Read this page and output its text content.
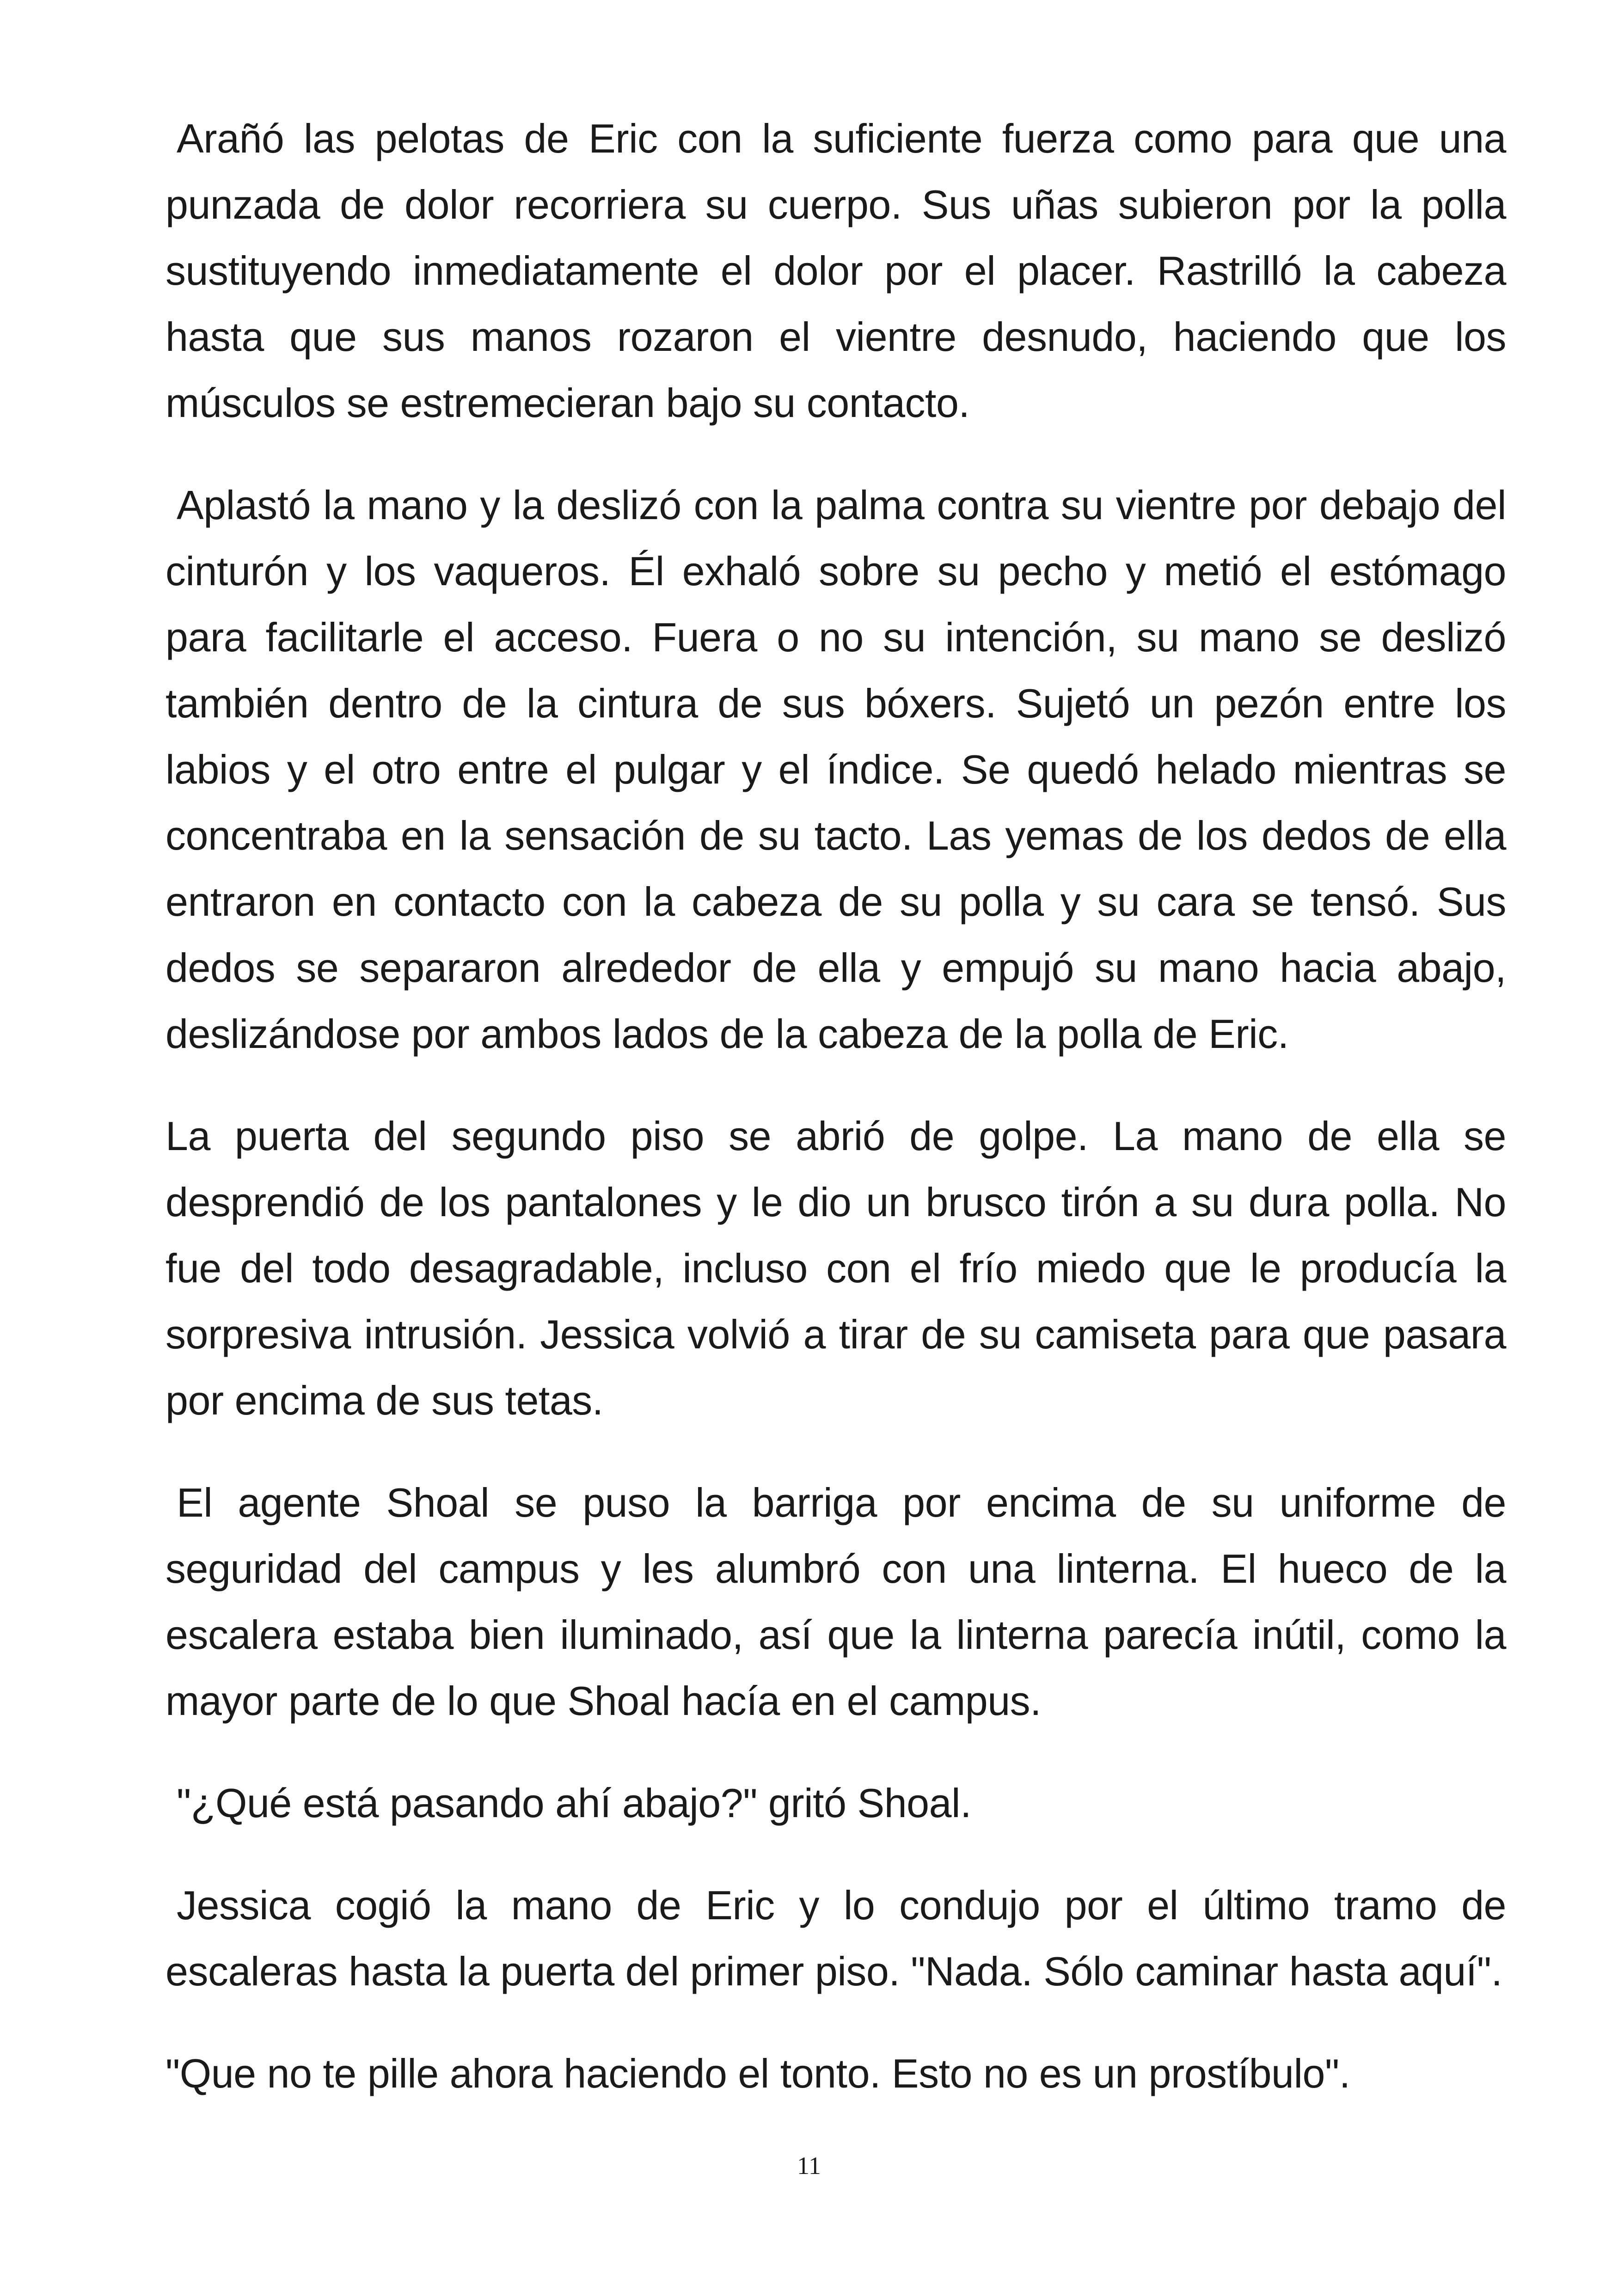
Arañó las pelotas de Eric con la suficiente fuerza como para que una punzada de dolor recorriera su cuerpo. Sus uñas subieron por la polla sustituyendo inmediatamente el dolor por el placer. Rastrilló la cabeza hasta que sus manos rozaron el vientre desnudo, haciendo que los músculos se estremecieran bajo su contacto.

Aplastó la mano y la deslizó con la palma contra su vientre por debajo del cinturón y los vaqueros. Él exhaló sobre su pecho y metió el estómago para facilitarle el acceso. Fuera o no su intención, su mano se deslizó también dentro de la cintura de sus bóxers. Sujetó un pezón entre los labios y el otro entre el pulgar y el índice. Se quedó helado mientras se concentraba en la sensación de su tacto. Las yemas de los dedos de ella entraron en contacto con la cabeza de su polla y su cara se tensó. Sus dedos se separaron alrededor de ella y empujó su mano hacia abajo, deslizándose por ambos lados de la cabeza de la polla de Eric.

La puerta del segundo piso se abrió de golpe. La mano de ella se desprendió de los pantalones y le dio un brusco tirón a su dura polla. No fue del todo desagradable, incluso con el frío miedo que le producía la sorpresiva intrusión. Jessica volvió a tirar de su camiseta para que pasara por encima de sus tetas.

El agente Shoal se puso la barriga por encima de su uniforme de seguridad del campus y les alumbró con una linterna. El hueco de la escalera estaba bien iluminado, así que la linterna parecía inútil, como la mayor parte de lo que Shoal hacía en el campus.

"¿Qué está pasando ahí abajo?" gritó Shoal.

Jessica cogió la mano de Eric y lo condujo por el último tramo de escaleras hasta la puerta del primer piso. "Nada. Sólo caminar hasta aquí".

"Que no te pille ahora haciendo el tonto. Esto no es un prostíbulo".

11
